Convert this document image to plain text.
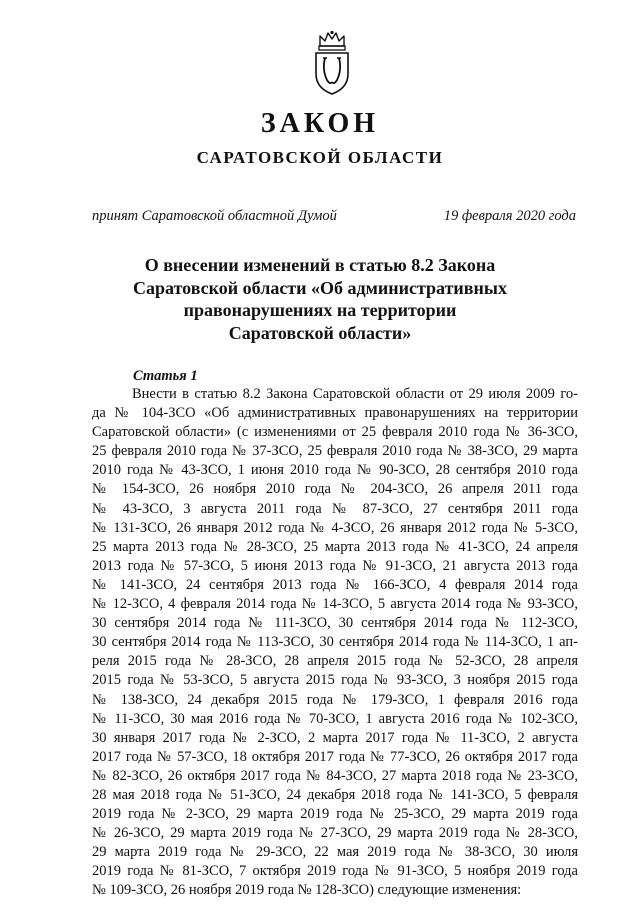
ЗАКОН
САРАТОВСКОЙ ОБЛАСТИ
принят Саратовской областной Думой	19 февраля 2020 года
О внесении изменений в статью 8.2 Закона
Саратовской области «Об административных
правонарушениях на территории
Саратовской области»
Статья 1
Внести в статью 8.2 Закона Саратовской области от 29 июля 2009 го-
да № 104-ЗСО «Об административных правонарушениях на территории
Саратовской области» (с изменениями от 25 февраля 2010 года № 36-ЗСО,
25 февраля 2010 года № 37-ЗСО, 25 февраля 2010 года № 38-ЗСО, 29 марта
2010 года № 43-ЗСО, 1 июня 2010 года № 90-ЗСО, 28 сентября 2010 года
№ 154-ЗСО, 26 ноября 2010 года № 204-ЗСО, 26 апреля 2011 года
№ 43-ЗСО, 3 августа 2011 года № 87-ЗСО, 27 сентября 2011 года
№ 131-ЗСО, 26 января 2012 года № 4-ЗСО, 26 января 2012 года № 5-ЗСО,
25 марта 2013 года № 28-ЗСО, 25 марта 2013 года № 41-ЗСО, 24 апреля
2013 года № 57-ЗСО, 5 июня 2013 года № 91-ЗСО, 21 августа 2013 года
№ 141-ЗСО, 24 сентября 2013 года № 166-ЗСО, 4 февраля 2014 года
№ 12-ЗСО, 4 февраля 2014 года № 14-ЗСО, 5 августа 2014 года № 93-ЗСО,
30 сентября 2014 года № 111-ЗСО, 30 сентября 2014 года № 112-ЗСО,
30 сентября 2014 года № 113-ЗСО, 30 сентября 2014 года № 114-ЗСО, 1 ап-
реля 2015 года № 28-ЗСО, 28 апреля 2015 года № 52-ЗСО, 28 апреля
2015 года № 53-ЗСО, 5 августа 2015 года № 93-ЗСО, 3 ноября 2015 года
№ 138-ЗСО, 24 декабря 2015 года № 179-ЗСО, 1 февраля 2016 года
№ 11-ЗСО, 30 мая 2016 года № 70-ЗСО, 1 августа 2016 года № 102-ЗСО,
30 января 2017 года № 2-ЗСО, 2 марта 2017 года № 11-ЗСО, 2 августа
2017 года № 57-ЗСО, 18 октября 2017 года № 77-ЗСО, 26 октября 2017 года
№ 82-ЗСО, 26 октября 2017 года № 84-ЗСО, 27 марта 2018 года № 23-ЗСО,
28 мая 2018 года № 51-ЗСО, 24 декабря 2018 года № 141-ЗСО, 5 февраля
2019 года № 2-ЗСО, 29 марта 2019 года № 25-ЗСО, 29 марта 2019 года
№ 26-ЗСО, 29 марта 2019 года № 27-ЗСО, 29 марта 2019 года № 28-ЗСО,
29 марта 2019 года № 29-ЗСО, 22 мая 2019 года № 38-ЗСО, 30 июля
2019 года № 81-ЗСО, 7 октября 2019 года № 91-ЗСО, 5 ноября 2019 года
№ 109-ЗСО, 26 ноября 2019 года № 128-ЗСО) следующие изменения:
